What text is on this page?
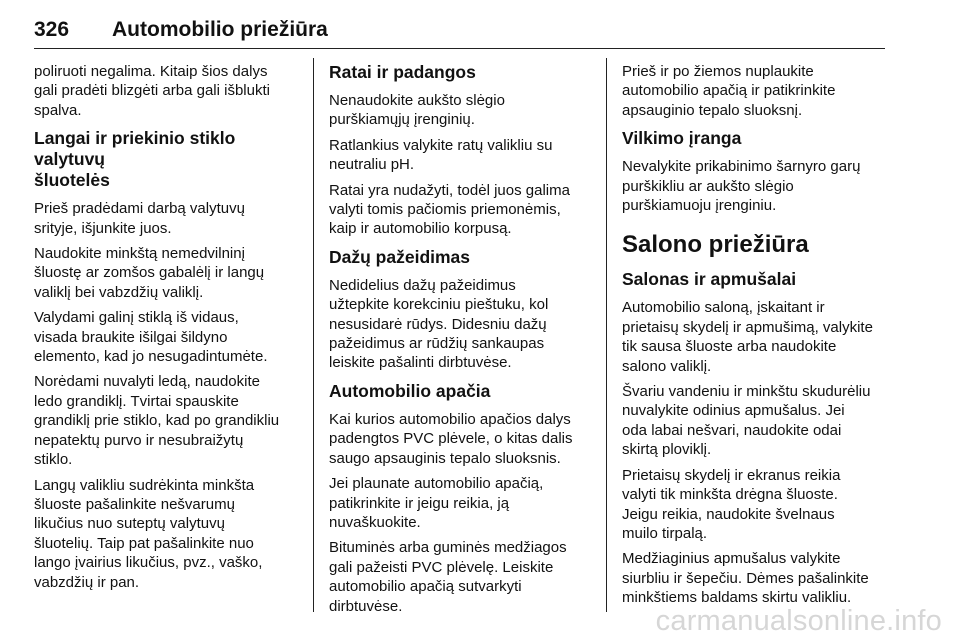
326	Automobilio priežiūra

poliruoti negalima. Kitaip šios dalys
gali pradėti blizgėti arba gali išblukti
spalva.

Langai ir priekinio stiklo valytuvų
šluotelės

Prieš pradėdami darbą valytuvų
srityje, išjunkite juos.

Naudokite minkštą nemedvilninį
šluostę ar zomšos gabalėlį ir langų
valiklį bei vabzdžių valiklį.

Valydami galinį stiklą iš vidaus,
visada braukite išilgai šildyno
elemento, kad jo nesugadintumėte.

Norėdami nuvalyti ledą, naudokite
ledo grandiklį. Tvirtai spauskite
grandiklį prie stiklo, kad po grandikliu
nepatektų purvo ir nesubraižytų
stiklo.

Langų valikliu sudrėkinta minkšta
šluoste pašalinkite nešvarumų
likučius nuo suteptų valytuvų
šluotelių. Taip pat pašalinkite nuo
lango įvairius likučius, pvz., vaško,
vabzdžių ir pan.

Ratai ir padangos

Nenaudokite aukšto slėgio
purškiamųjų įrenginių.

Ratlankius valykite ratų valikliu su
neutraliu pH.

Ratai yra nudažyti, todėl juos galima
valyti tomis pačiomis priemonėmis,
kaip ir automobilio korpusą.

Dažų pažeidimas

Nedidelius dažų pažeidimus
užtepkite korekciniu pieštuku, kol
nesusidarė rūdys. Didesniu dažų
pažeidimus ar rūdžių sankaupas
leiskite pašalinti dirbtuvėse.

Automobilio apačia

Kai kurios automobilio apačios dalys
padengtos PVC plėvele, o kitas dalis
saugo apsauginis tepalo sluoksnis.

Jei plaunate automobilio apačią,
patikrinkite ir jeigu reikia, ją
nuvaškuokite.

Bituminės arba guminės medžiagos
gali pažeisti PVC plėvelę. Leiskite
automobilio apačią sutvarkyti
dirbtuvėse.

Prieš ir po žiemos nuplaukite
automobilio apačią ir patikrinkite
apsauginio tepalo sluoksnį.

Vilkimo įranga

Nevalykite prikabinimo šarnyro garų
purškikliu ar aukšto slėgio
purškiamuoju įrenginiu.

Salono priežiūra
Salonas ir apmušalai

Automobilio saloną, įskaitant ir
prietaisų skydelį ir apmušimą, valykite
tik sausa šluoste arba naudokite
salono valiklį.

Švariu vandeniu ir minkštu skudurėliu
nuvalykite odinius apmušalus. Jei
oda labai nešvari, naudokite odai
skirtą ploviklį.

Prietaisų skydelį ir ekranus reikia
valyti tik minkšta drėgna šluoste.
Jeigu reikia, naudokite švelnaus
muilo tirpalą.

Medžiaginius apmušalus valykite
siurbliu ir šepečiu. Dėmes pašalinkite
minkštiems baldams skirtu valikliu.

carmanualsonline.info
